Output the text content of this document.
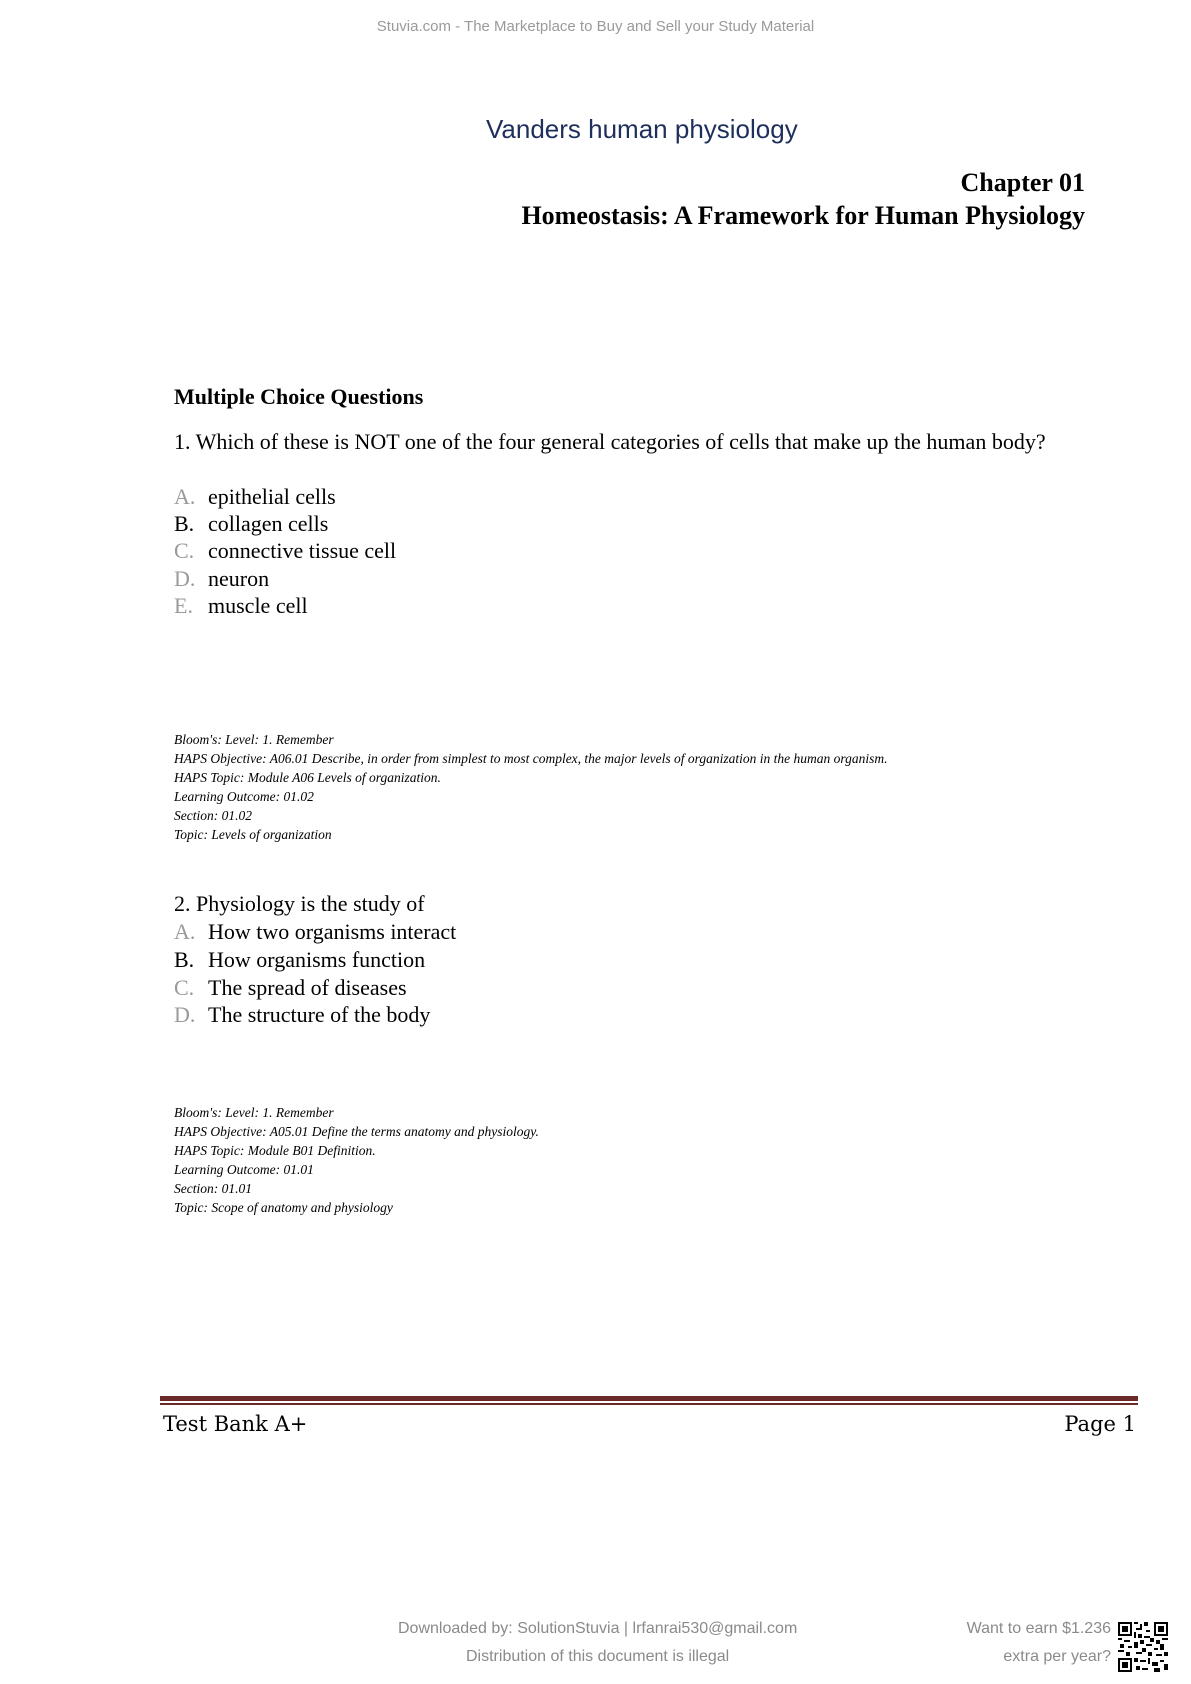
Stuvia.com - The Marketplace to Buy and Sell your Study Material
Vanders human physiology
Chapter 01
Homeostasis: A Framework for Human Physiology
Multiple Choice Questions
1. Which of these is NOT one of the four general categories of cells that make up the human body?
A. epithelial cells
B. collagen cells
C. connective tissue cell
D. neuron
E. muscle cell
Bloom's: Level: 1. Remember
HAPS Objective: A06.01 Describe, in order from simplest to most complex, the major levels of organization in the human organism.
HAPS Topic: Module A06 Levels of organization.
Learning Outcome: 01.02
Section: 01.02
Topic: Levels of organization
2. Physiology is the study of
A. How two organisms interact
B. How organisms function
C. The spread of diseases
D. The structure of the body
Bloom's: Level: 1. Remember
HAPS Objective: A05.01 Define the terms anatomy and physiology.
HAPS Topic: Module B01 Definition.
Learning Outcome: 01.01
Section: 01.01
Topic: Scope of anatomy and physiology
Test Bank A+	Page 1
Downloaded by: SolutionStuvia | lrfanrai530@gmail.com
Distribution of this document is illegal
Want to earn $1.236
extra per year?
